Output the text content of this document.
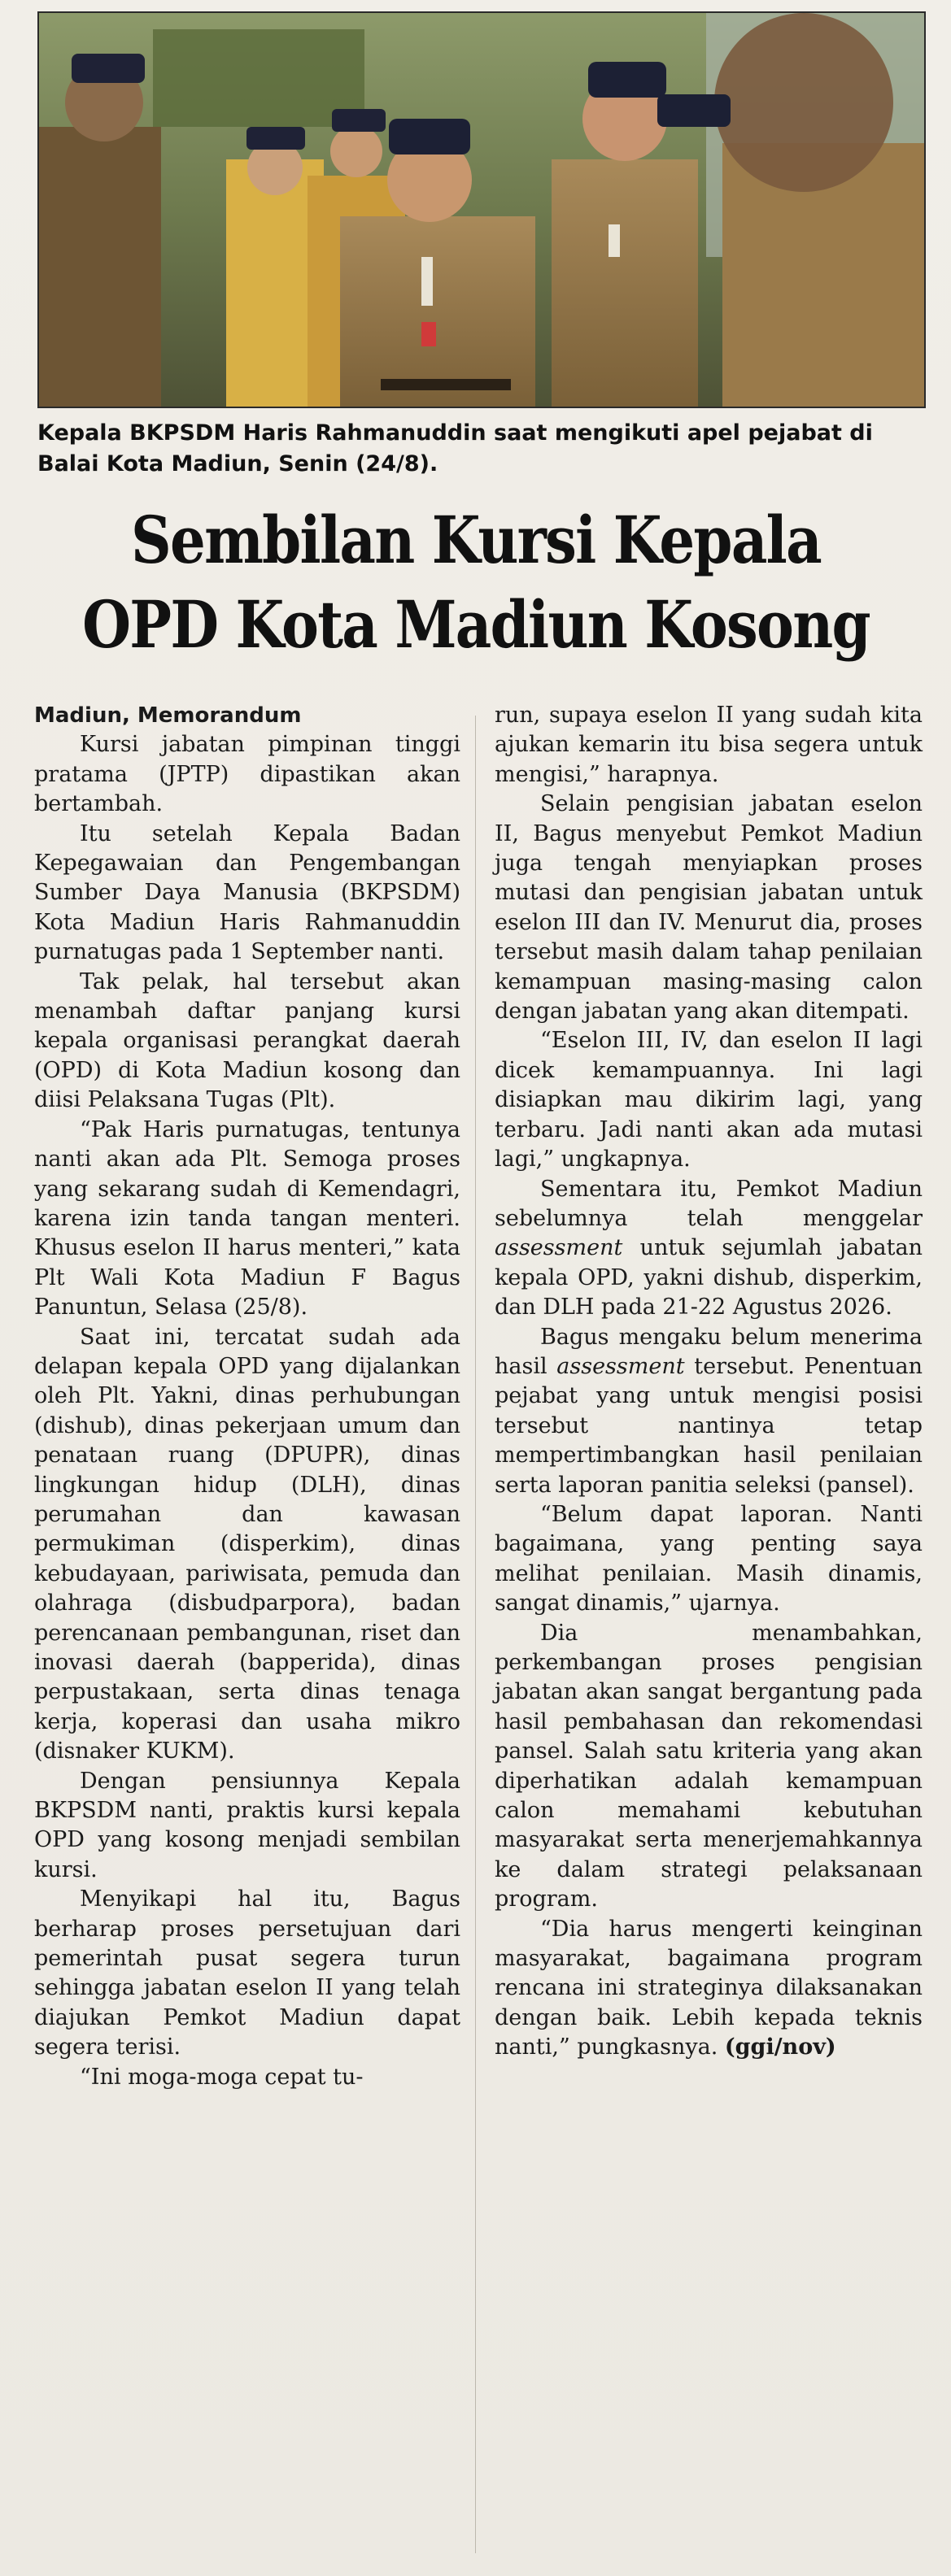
Kepala BKPSDM Haris Rahmanuddin saat mengikuti apel pejabat di Balai Kota Madiun, Senin (24/8).
Sembilan Kursi Kepala
OPD Kota Madiun Kosong

Madiun, Memorandum

Kursi jabatan pimpinan tinggi pratama (JPTP) dipastikan akan bertambah.

Itu setelah Kepala Badan Kepegawaian dan Pengembangan Sumber Daya Manusia (BKPSDM) Kota Madiun Haris Rahmanuddin purnatugas pada 1 September nanti.

Tak pelak, hal tersebut akan menambah daftar panjang kursi kepala organisasi perangkat daerah (OPD) di Kota Madiun kosong dan diisi Pelaksana Tugas (Plt).

“Pak Haris purnatugas, tentunya nanti akan ada Plt. Semoga proses yang sekarang sudah di Kemendagri, karena izin tanda tangan menteri. Khusus eselon II harus menteri,” kata Plt Wali Kota Madiun F Bagus Panuntun, Selasa (25/8).

Saat ini, tercatat sudah ada delapan kepala OPD yang dijalankan oleh Plt. Yakni, dinas perhubungan (dishub), dinas pekerjaan umum dan penataan ruang (DPUPR), dinas lingkungan hidup (DLH), dinas perumahan dan kawasan permukiman (disperkim), dinas kebudayaan, pariwisata, pemuda dan olahraga (disbudparpora), badan perencanaan pembangunan, riset dan inovasi daerah (bapperida), dinas perpustakaan, serta dinas tenaga kerja, koperasi dan usaha mikro (disnaker KUKM).

Dengan pensiunnya Kepala BKPSDM nanti, praktis kursi kepala OPD yang kosong menjadi sembilan kursi.

Menyikapi hal itu, Bagus berharap proses persetujuan dari pemerintah pusat segera turun sehingga jabatan eselon II yang telah diajukan Pemkot Madiun dapat segera terisi.

“Ini moga-moga cepat tu-

run, supaya eselon II yang sudah kita ajukan kemarin itu bisa segera untuk mengisi,” harapnya.

Selain pengisian jabatan eselon II, Bagus menyebut Pemkot Madiun juga tengah menyiapkan proses mutasi dan pengisian jabatan untuk eselon III dan IV. Menurut dia, proses tersebut masih dalam tahap penilaian kemampuan masing-masing calon dengan jabatan yang akan ditempati.

“Eselon III, IV, dan eselon II lagi dicek kemampuannya. Ini lagi disiapkan mau dikirim lagi, yang terbaru. Jadi nanti akan ada mutasi lagi,” ungkapnya.

Sementara itu, Pemkot Madiun sebelumnya telah menggelar assessment untuk sejumlah jabatan kepala OPD, yakni dishub, disperkim, dan DLH pada 21-22 Agustus 2026.

Bagus mengaku belum menerima hasil assessment tersebut. Penentuan pejabat yang untuk mengisi posisi tersebut nantinya tetap mempertimbangkan hasil penilaian serta laporan panitia seleksi (pansel).

“Belum dapat laporan. Nanti bagaimana, yang penting saya melihat penilaian. Masih dinamis, sangat dinamis,” ujarnya.

Dia menambahkan, perkembangan proses pengisian jabatan akan sangat bergantung pada hasil pembahasan dan rekomendasi pansel. Salah satu kriteria yang akan diperhatikan adalah kemampuan calon memahami kebutuhan masyarakat serta menerjemahkannya ke dalam strategi pelaksanaan program.

“Dia harus mengerti keinginan masyarakat, bagaimana program rencana ini strateginya dilaksanakan dengan baik. Lebih kepada teknis nanti,” pungkasnya. (ggi/nov)
